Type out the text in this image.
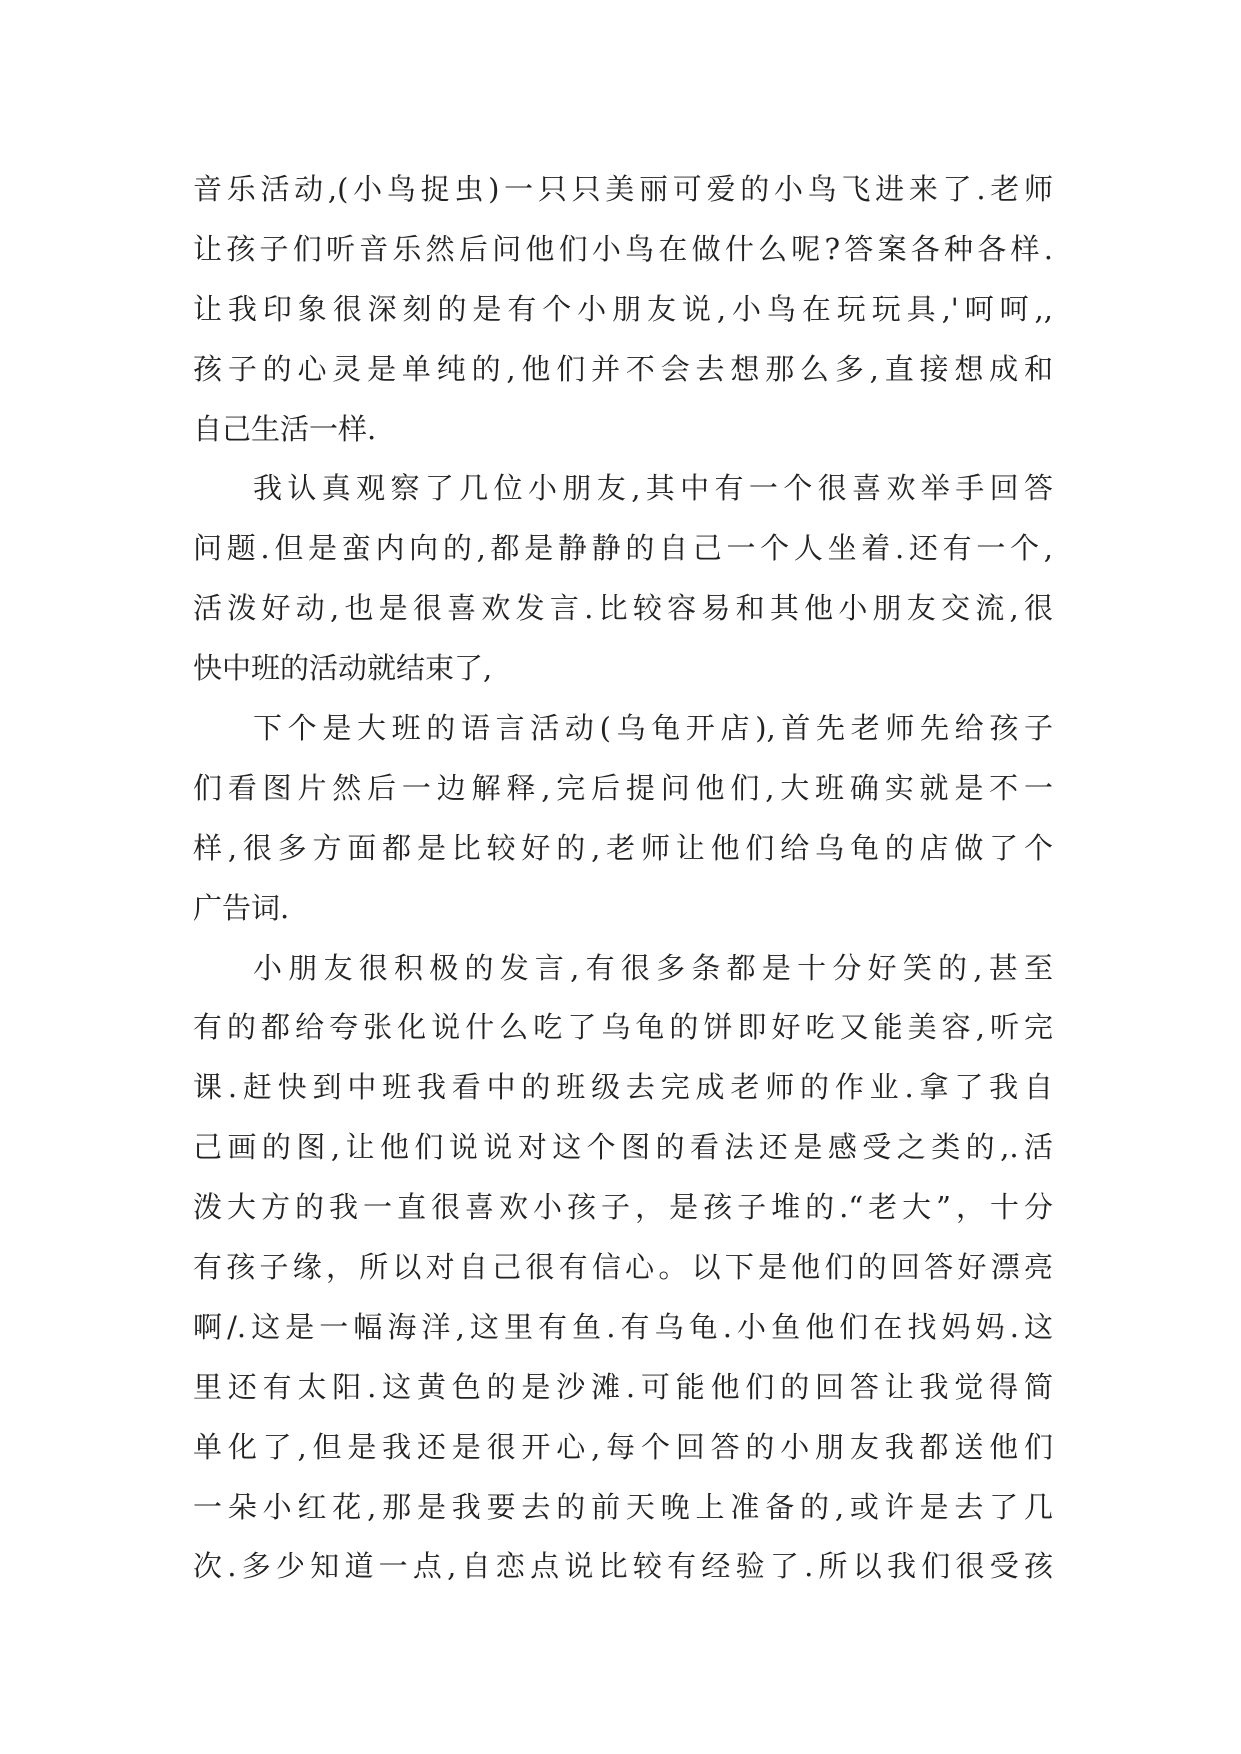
音乐活动,(小鸟捉虫)一只只美丽可爱的小鸟飞进来了.老师
让孩子们听音乐然后问他们小鸟在做什么呢?答案各种各样.
让我印象很深刻的是有个小朋友说,小鸟在玩玩具,'呵呵,,
孩子的心灵是单纯的,他们并不会去想那么多,直接想成和
自己生活一样.
我认真观察了几位小朋友,其中有一个很喜欢举手回答
问题.但是蛮内向的,都是静静的自己一个人坐着.还有一个,
活泼好动,也是很喜欢发言.比较容易和其他小朋友交流,很
快中班的活动就结束了,
下个是大班的语言活动(乌龟开店),首先老师先给孩子
们看图片然后一边解释,完后提问他们,大班确实就是不一
样,很多方面都是比较好的,老师让他们给乌龟的店做了个
广告词.
小朋友很积极的发言,有很多条都是十分好笑的,甚至
有的都给夸张化说什么吃了乌龟的饼即好吃又能美容,听完
课.赶快到中班我看中的班级去完成老师的作业.拿了我自
己画的图,让他们说说对这个图的看法还是感受之类的,.活
泼大方的我一直很喜欢小孩子，是孩子堆的.“老大”，十分
有孩子缘，所以对自己很有信心。以下是他们的回答好漂亮
啊/.这是一幅海洋,这里有鱼.有乌龟.小鱼他们在找妈妈.这
里还有太阳.这黄色的是沙滩.可能他们的回答让我觉得简
单化了,但是我还是很开心,每个回答的小朋友我都送他们
一朵小红花,那是我要去的前天晚上准备的,或许是去了几
次.多少知道一点,自恋点说比较有经验了.所以我们很受孩
